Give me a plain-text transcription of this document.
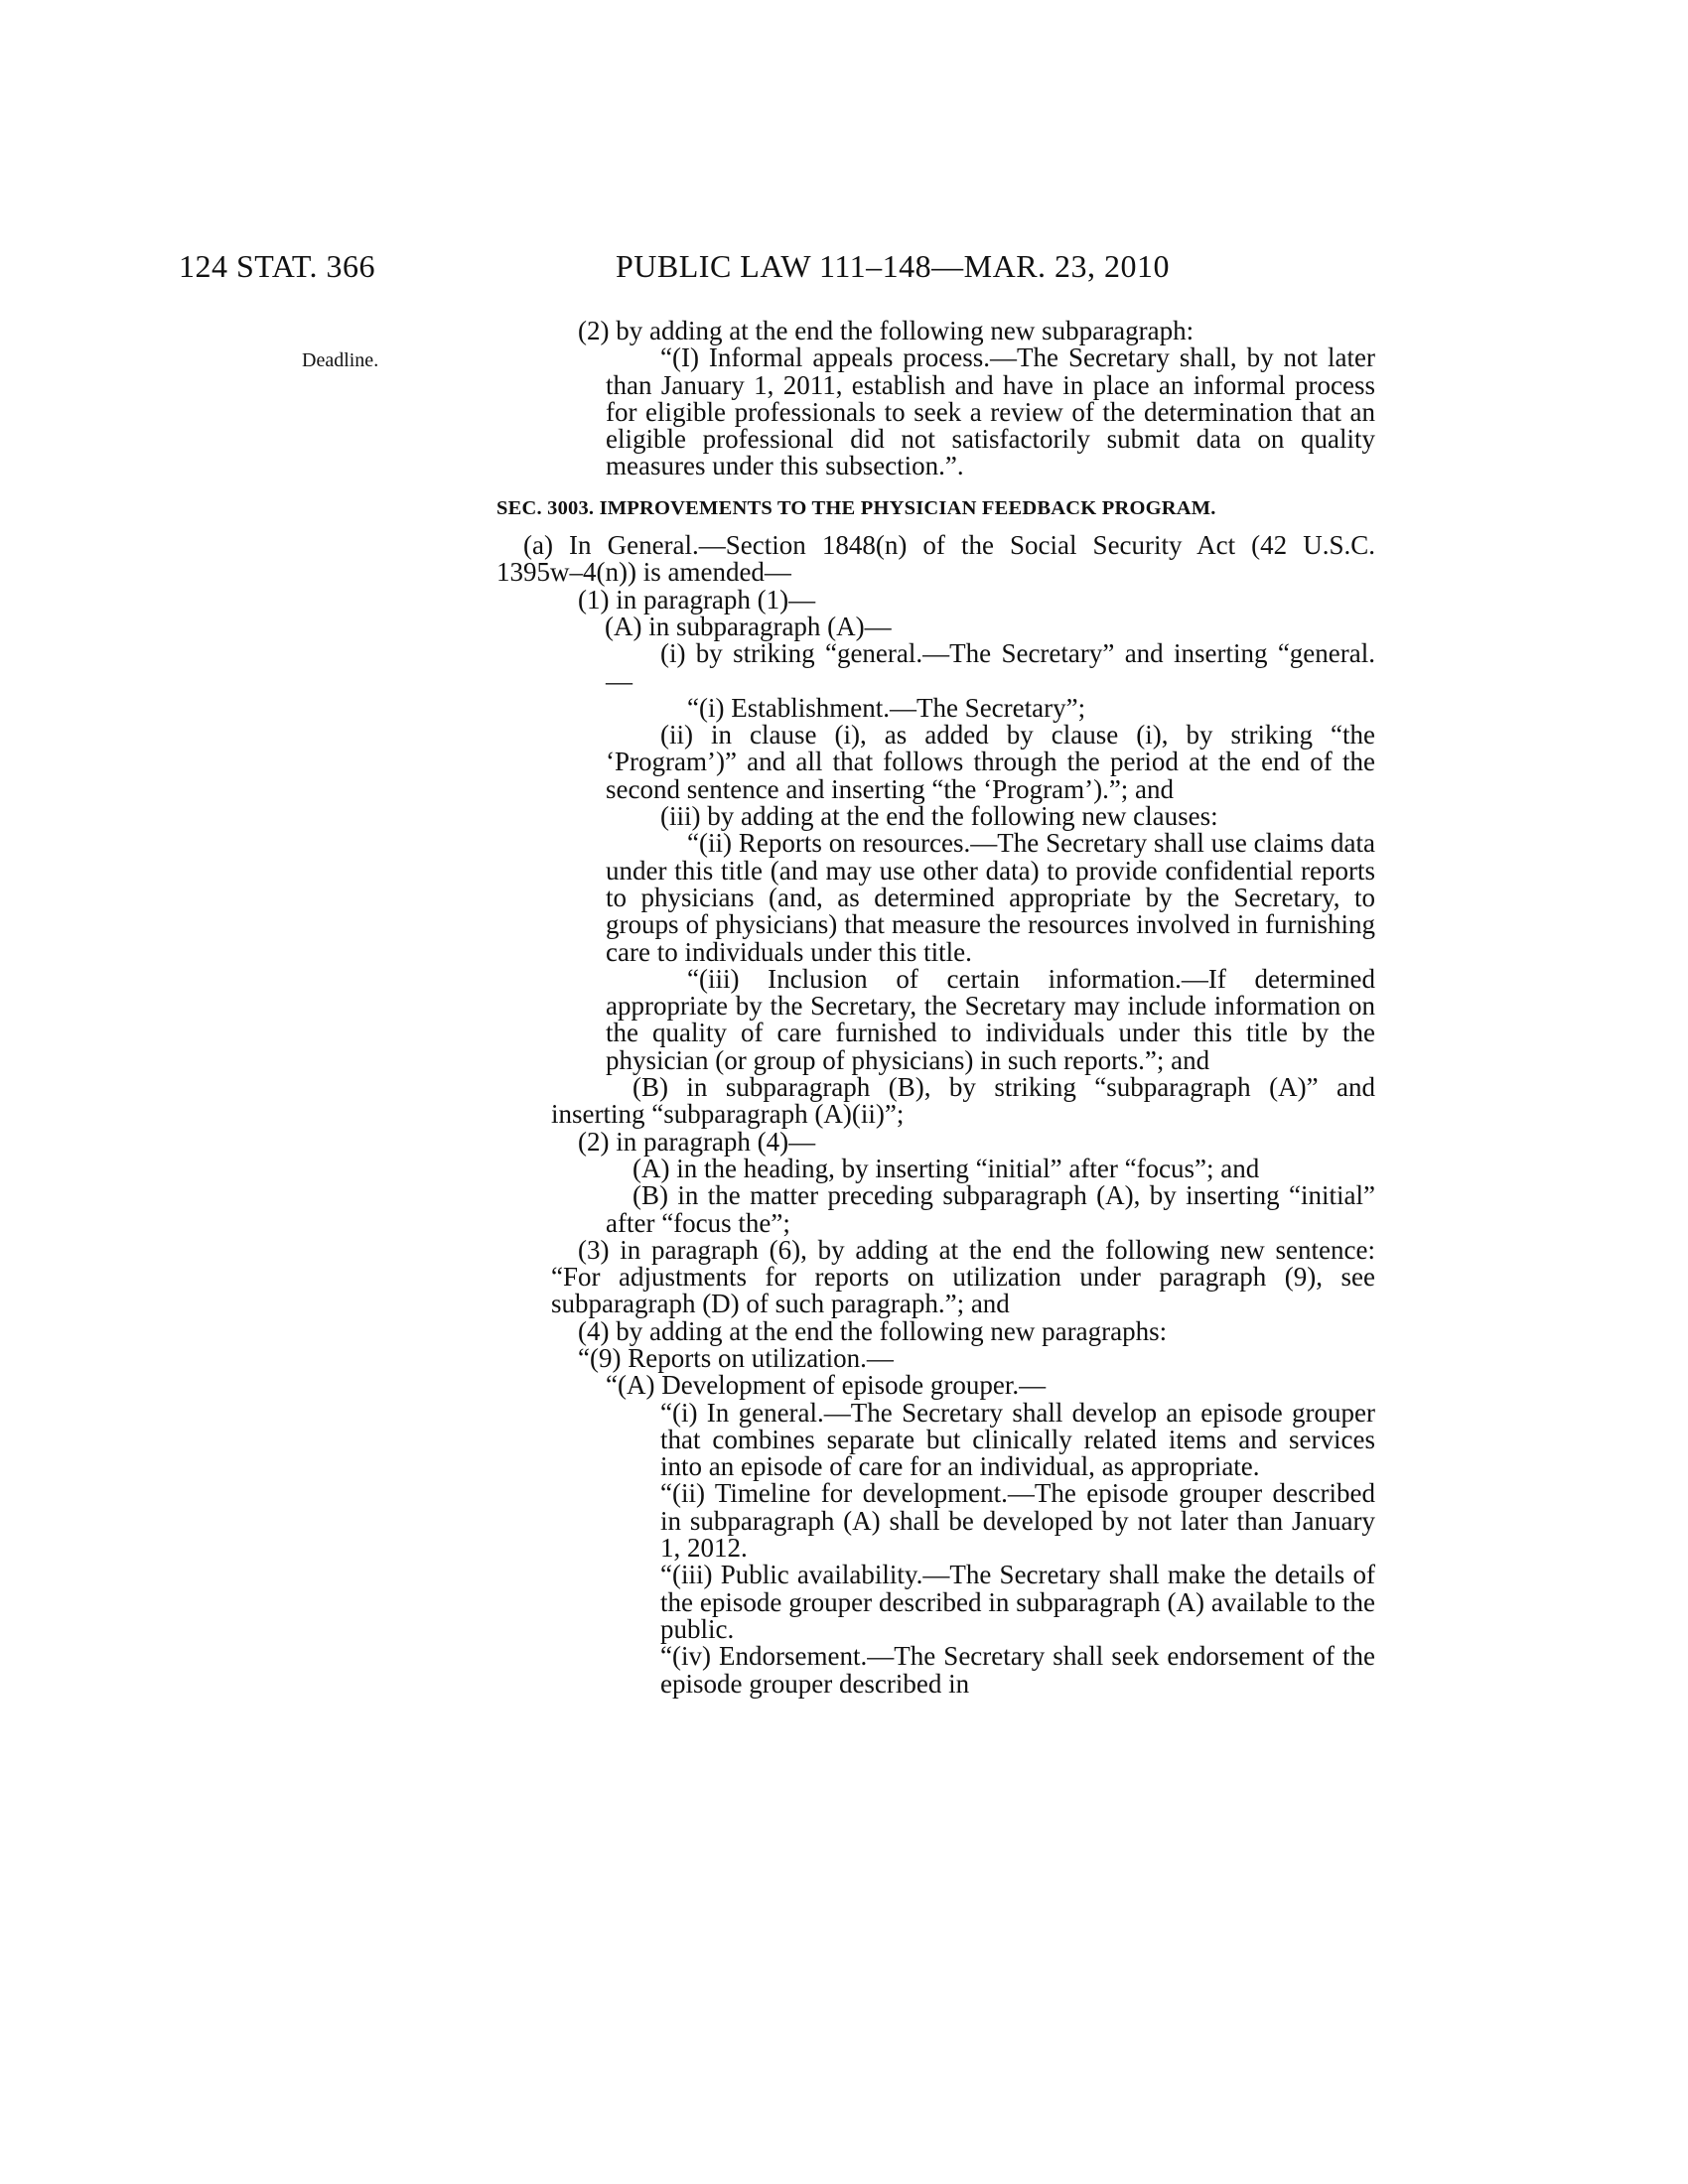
124 STAT. 366	PUBLIC LAW 111–148—MAR. 23, 2010
Deadline.

(2) by adding at the end the following new subparagraph:

“(I) Informal appeals process.—The Secretary shall, by not later than January 1, 2011, establish and have in place an informal process for eligible professionals to seek a review of the determination that an eligible professional did not satisfactorily submit data on quality measures under this subsection.”.

SEC. 3003. IMPROVEMENTS TO THE PHYSICIAN FEEDBACK PROGRAM.

(a) In General.—Section 1848(n) of the Social Security Act (42 U.S.C. 1395w–4(n)) is amended—

(1) in paragraph (1)—

(A) in subparagraph (A)—

(i) by striking “general.—The Secretary” and inserting “general.—

“(i) Establishment.—The Secretary”;

(ii) in clause (i), as added by clause (i), by striking “the ‘Program’)” and all that follows through the period at the end of the second sentence and inserting “the ‘Program’).”; and

(iii) by adding at the end the following new clauses:

“(ii) Reports on resources.—The Secretary shall use claims data under this title (and may use other data) to provide confidential reports to physicians (and, as determined appropriate by the Secretary, to groups of physicians) that measure the resources involved in furnishing care to individuals under this title.

“(iii) Inclusion of certain information.—If determined appropriate by the Secretary, the Secretary may include information on the quality of care furnished to individuals under this title by the physician (or group of physicians) in such reports.”; and

(B) in subparagraph (B), by striking “subparagraph (A)” and inserting “subparagraph (A)(ii)”;

(2) in paragraph (4)—

(A) in the heading, by inserting “initial” after “focus”; and

(B) in the matter preceding subparagraph (A), by inserting “initial” after “focus the”;

(3) in paragraph (6), by adding at the end the following new sentence: “For adjustments for reports on utilization under paragraph (9), see subparagraph (D) of such paragraph.”; and

(4) by adding at the end the following new paragraphs:

“(9) Reports on utilization.—

“(A) Development of episode grouper.—

“(i) In general.—The Secretary shall develop an episode grouper that combines separate but clinically related items and services into an episode of care for an individual, as appropriate.

“(ii) Timeline for development.—The episode grouper described in subparagraph (A) shall be developed by not later than January 1, 2012.

“(iii) Public availability.—The Secretary shall make the details of the episode grouper described in subparagraph (A) available to the public.

“(iv) Endorsement.—The Secretary shall seek endorsement of the episode grouper described in
